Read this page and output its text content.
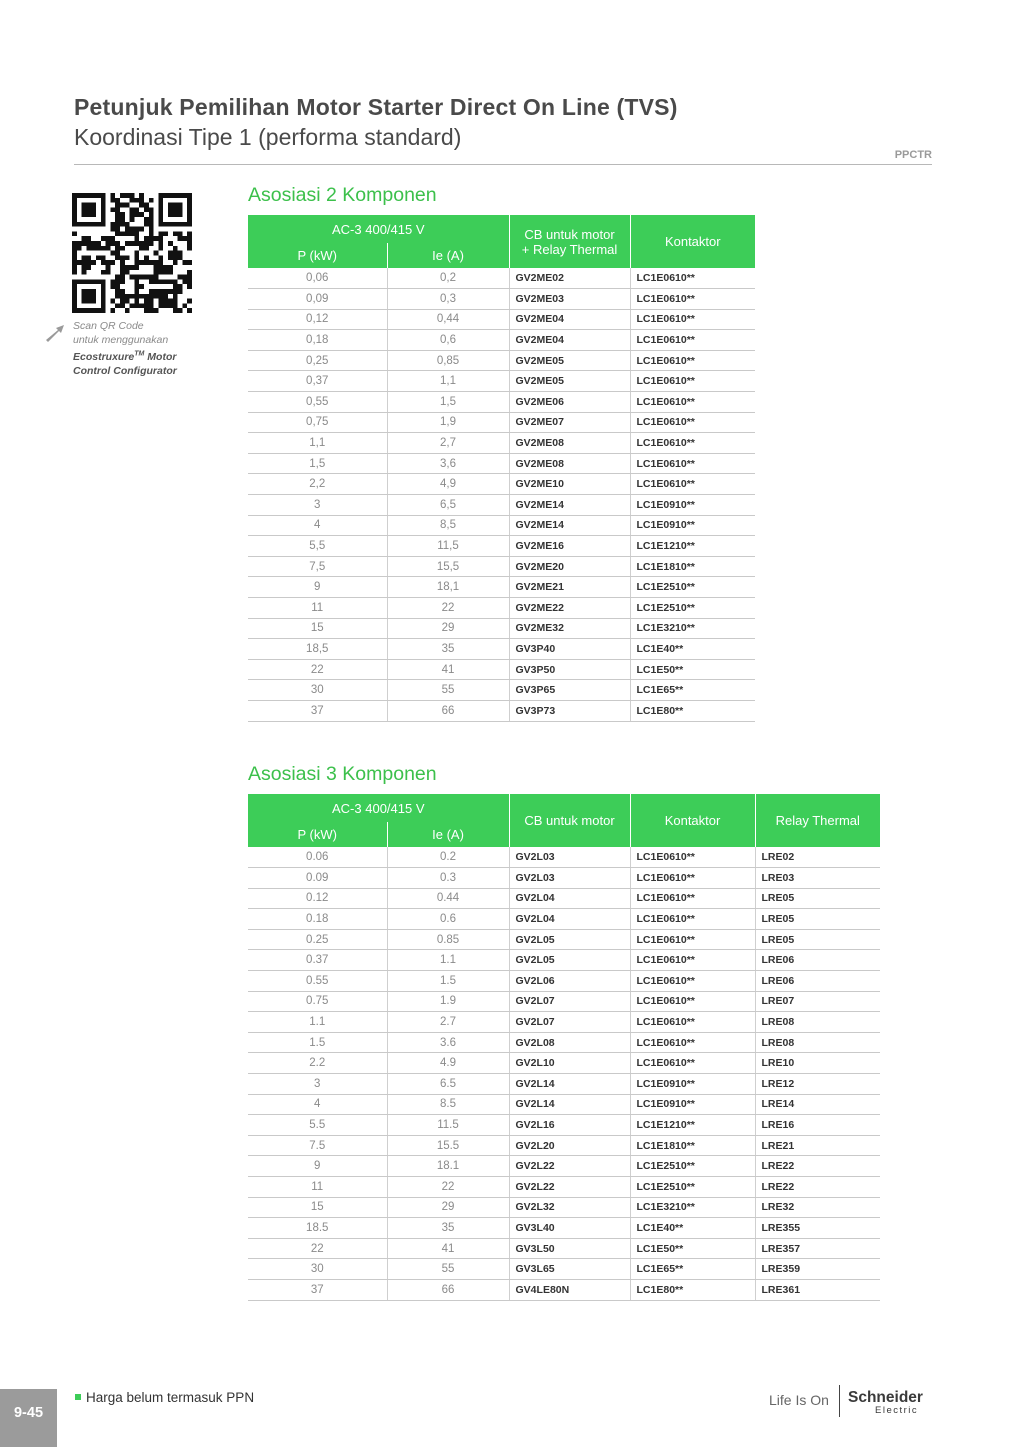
Petunjuk Pemilihan Motor Starter Direct On Line (TVS)
Koordinasi Tipe 1 (performa standard)
PPCTR
Scan QR Code
untuk menggunakan
Ecostruxure™ Motor
Control Configurator
Asosiasi 2 Komponen
AC-3 400/415 V		CB untuk motor
+ Relay Thermal	Kontaktor
P (kW)	Ie (A)		
0,06	0,2	GV2ME02	LC1E0610**
0,09	0,3	GV2ME03	LC1E0610**
0,12	0,44	GV2ME04	LC1E0610**
0,18	0,6	GV2ME04	LC1E0610**
0,25	0,85	GV2ME05	LC1E0610**
0,37	1,1	GV2ME05	LC1E0610**
0,55	1,5	GV2ME06	LC1E0610**
0,75	1,9	GV2ME07	LC1E0610**
1,1	2,7	GV2ME08	LC1E0610**
1,5	3,6	GV2ME08	LC1E0610**
2,2	4,9	GV2ME10	LC1E0610**
3	6,5	GV2ME14	LC1E0910**
4	8,5	GV2ME14	LC1E0910**
5,5	11,5	GV2ME16	LC1E1210**
7,5	15,5	GV2ME20	LC1E1810**
9	18,1	GV2ME21	LC1E2510**
11	22	GV2ME22	LC1E2510**
15	29	GV2ME32	LC1E3210**
18,5	35	GV3P40	LC1E40**
22	41	GV3P50	LC1E50**
30	55	GV3P65	LC1E65**
37	66	GV3P73	LC1E80**
Asosiasi 3 Komponen
AC-3 400/415 V		CB untuk motor	Kontaktor	Relay Thermal
P (kW)	Ie (A)			
0.06	0.2	GV2L03	LC1E0610**	LRE02
0.09	0.3	GV2L03	LC1E0610**	LRE03
0.12	0.44	GV2L04	LC1E0610**	LRE05
0.18	0.6	GV2L04	LC1E0610**	LRE05
0.25	0.85	GV2L05	LC1E0610**	LRE05
0.37	1.1	GV2L05	LC1E0610**	LRE06
0.55	1.5	GV2L06	LC1E0610**	LRE06
0.75	1.9	GV2L07	LC1E0610**	LRE07
1.1	2.7	GV2L07	LC1E0610**	LRE08
1.5	3.6	GV2L08	LC1E0610**	LRE08
2.2	4.9	GV2L10	LC1E0610**	LRE10
3	6.5	GV2L14	LC1E0910**	LRE12
4	8.5	GV2L14	LC1E0910**	LRE14
5.5	11.5	GV2L16	LC1E1210**	LRE16
7.5	15.5	GV2L20	LC1E1810**	LRE21
9	18.1	GV2L22	LC1E2510**	LRE22
11	22	GV2L22	LC1E2510**	LRE22
15	29	GV2L32	LC1E3210**	LRE32
18.5	35	GV3L40	LC1E40**	LRE355
22	41	GV3L50	LC1E50**	LRE357
30	55	GV3L65	LC1E65**	LRE359
37	66	GV4LE80N	LC1E80**	LRE361
9-45
Harga belum termasuk PPN	Life Is On Schneider
Electric
